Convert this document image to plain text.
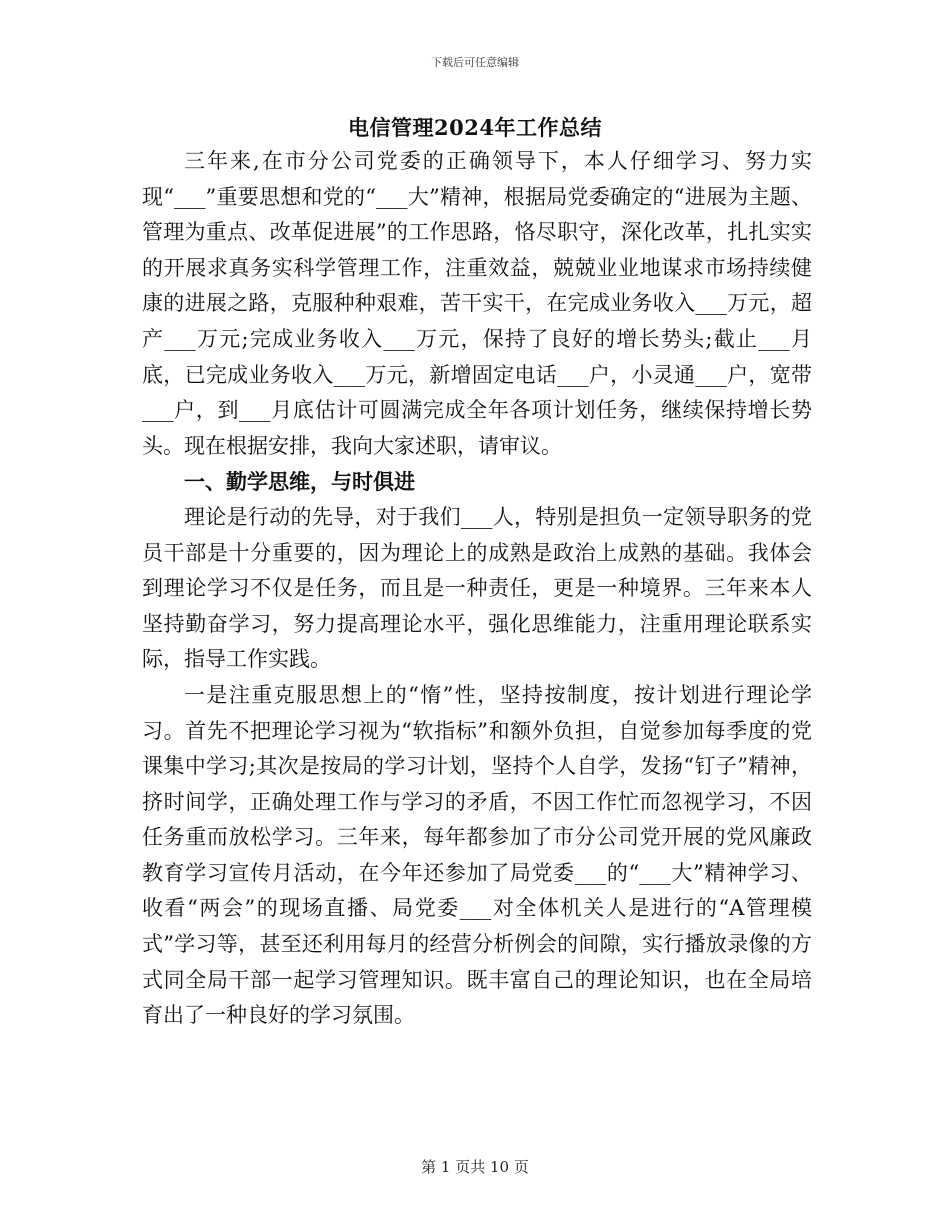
下载后可任意编辑
电信管理2024年工作总结

三年来,在市分公司党委的正确领导下，本人仔细学习、努力实现“___”重要思想和党的“___大”精神，根据局党委确定的“进展为主题、管理为重点、改革促进展”的工作思路，恪尽职守，深化改革，扎扎实实的开展求真务实科学管理工作，注重效益，兢兢业业地谋求市场持续健康的进展之路，克服种种艰难，苦干实干，在完成业务收入___万元，超产___万元;完成业务收入___万元，保持了良好的增长势头;截止___月底，已完成业务收入___万元，新增固定电话___户，小灵通___户，宽带___户，到___月底估计可圆满完成全年各项计划任务，继续保持增长势头。现在根据安排，我向大家述职，请审议。

一、勤学思维，与时俱进

理论是行动的先导，对于我们___人，特别是担负一定领导职务的党员干部是十分重要的，因为理论上的成熟是政治上成熟的基础。我体会到理论学习不仅是任务，而且是一种责任，更是一种境界。三年来本人坚持勤奋学习，努力提高理论水平，强化思维能力，注重用理论联系实际，指导工作实践。

一是注重克服思想上的“惰”性，坚持按制度，按计划进行理论学习。首先不把理论学习视为“软指标”和额外负担，自觉参加每季度的党课集中学习;其次是按局的学习计划，坚持个人自学，发扬“钉子”精神，挤时间学，正确处理工作与学习的矛盾，不因工作忙而忽视学习，不因任务重而放松学习。三年来，每年都参加了市分公司党开展的党风廉政教育学习宣传月活动，在今年还参加了局党委___的“___大”精神学习、收看“两会”的现场直播、局党委___对全体机关人是进行的“A管理模式”学习等，甚至还利用每月的经营分析例会的间隙，实行播放录像的方式同全局干部一起学习管理知识。既丰富自己的理论知识，也在全局培育出了一种良好的学习氛围。

第 1 页共 10 页
